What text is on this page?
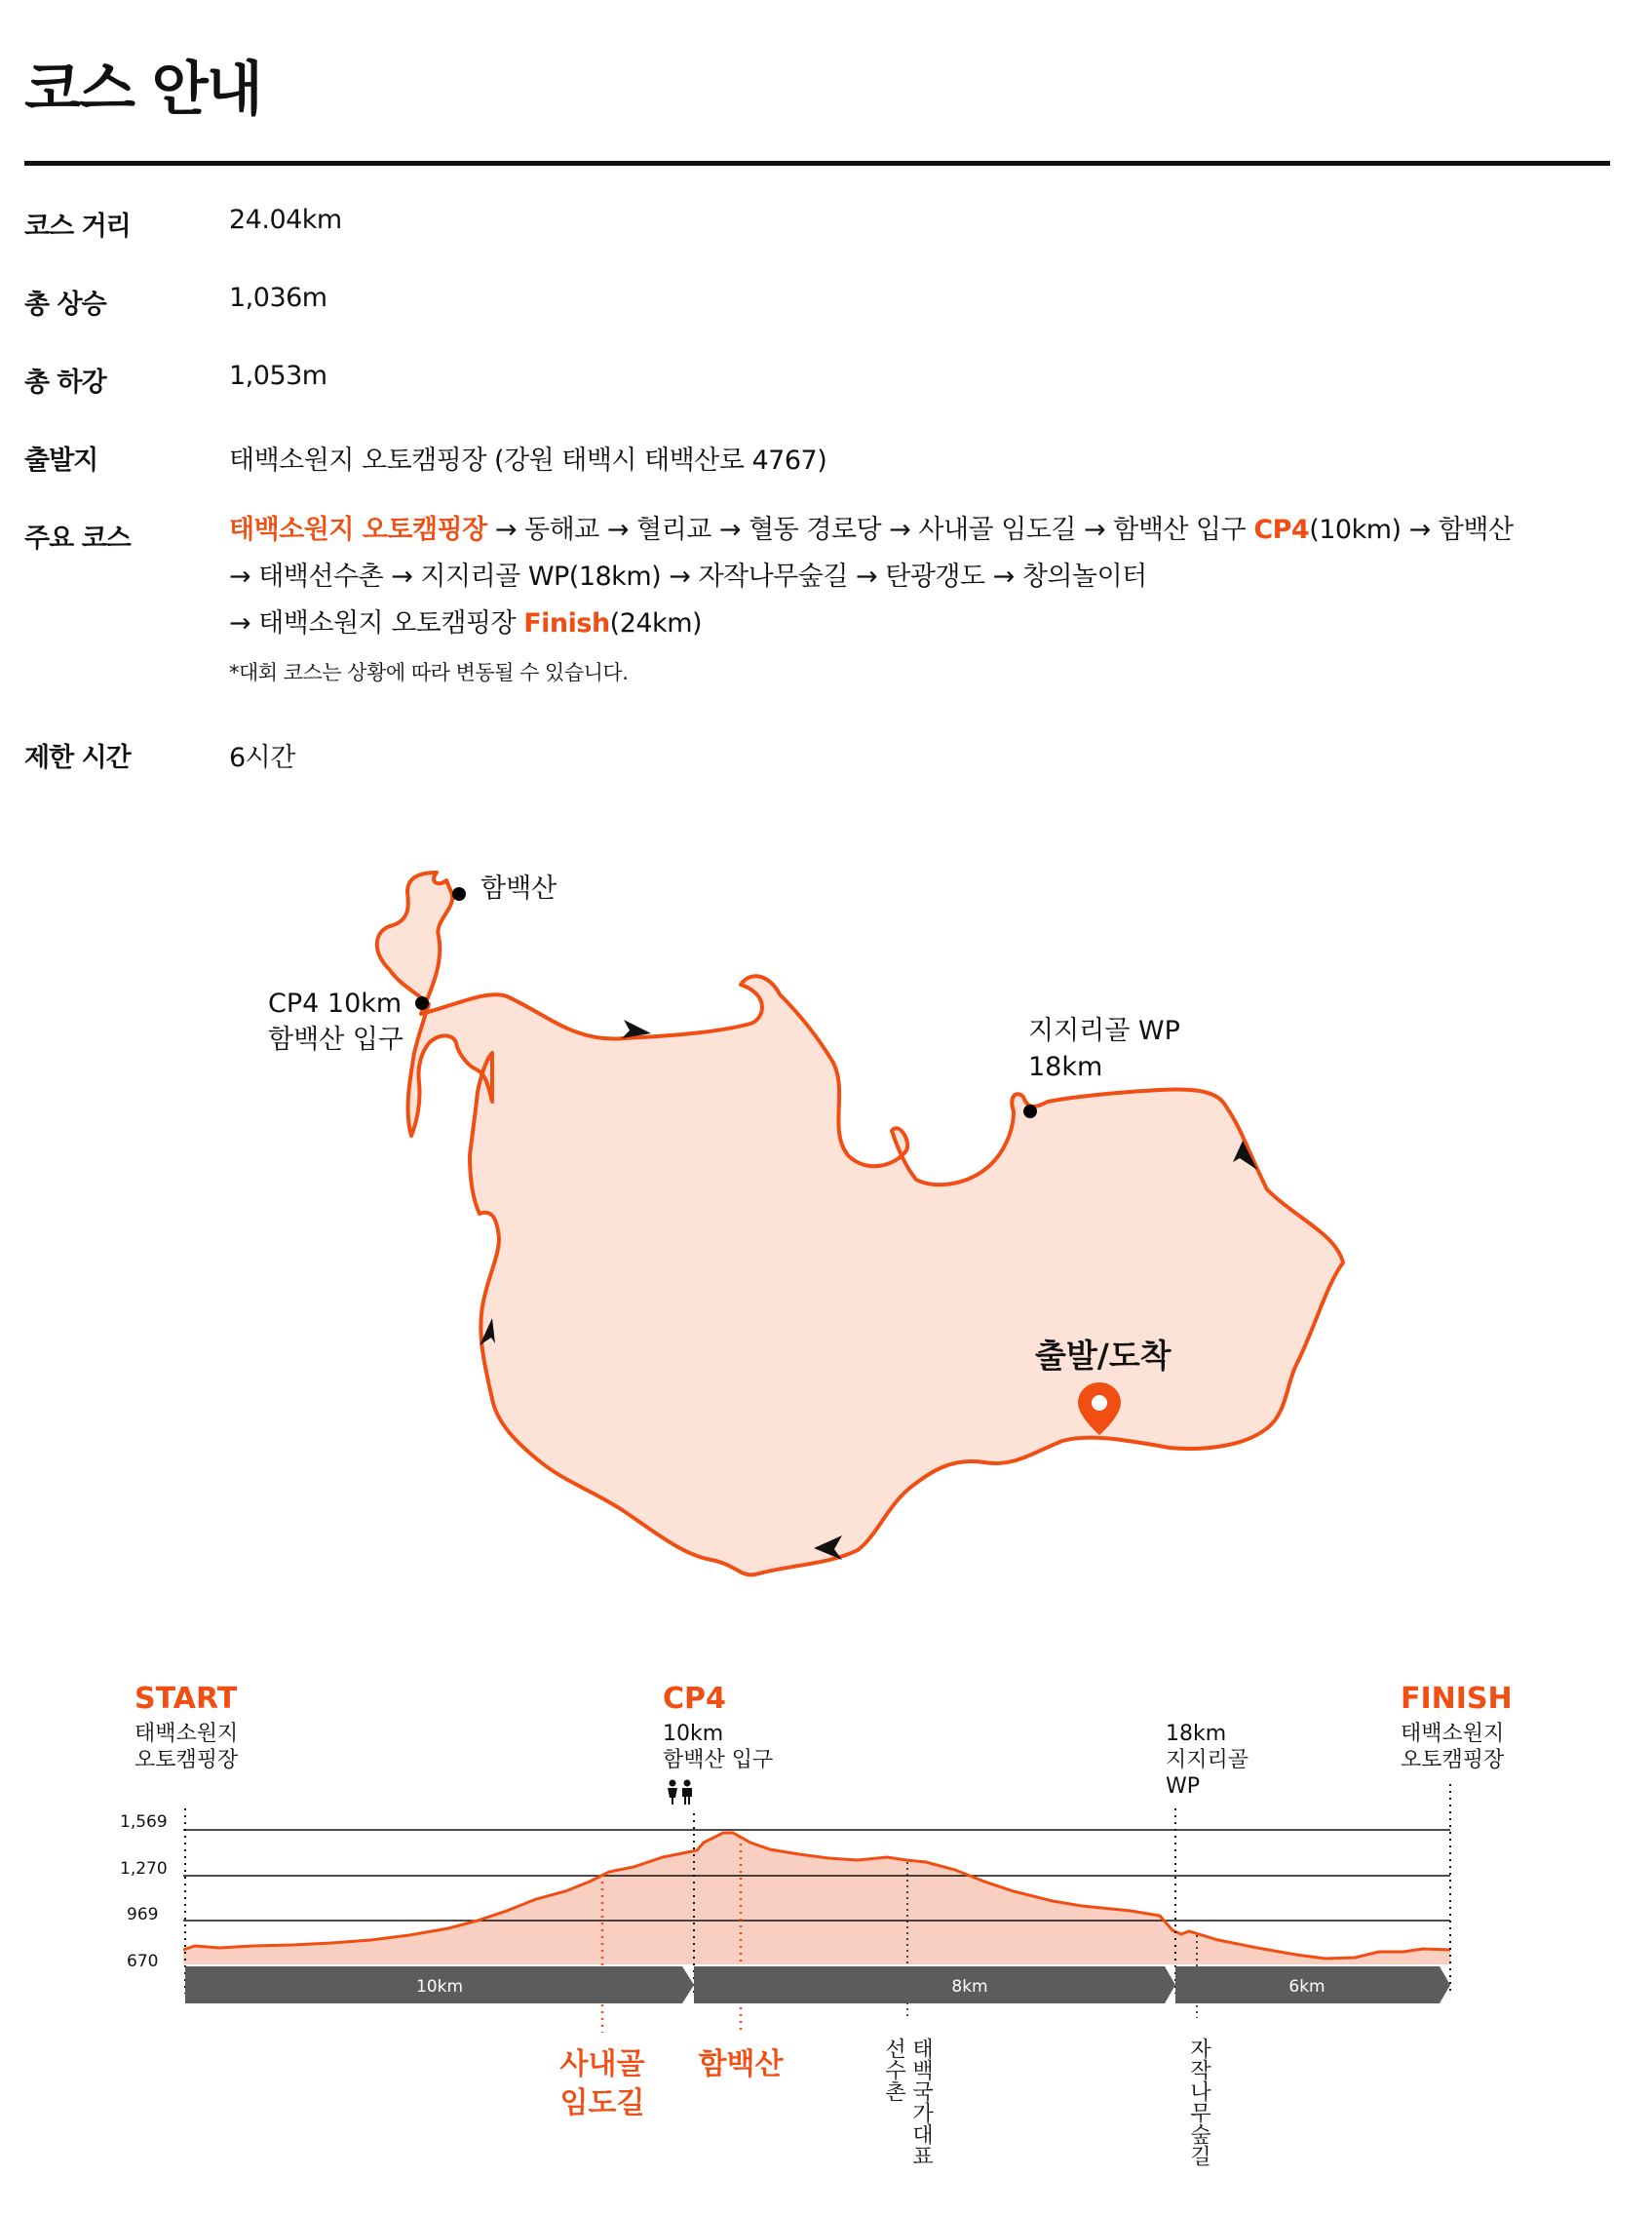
코스 안내
코스 거리	24.04km
총 상승	1,036m
총 하강	1,053m
출발지	태백소원지 오토캠핑장 (강원 태백시 태백산로 4767)
주요 코스	태백소원지 오토캠핑장 → 동해교 → 혈리교 → 혈동 경로당 → 사내골 임도길 → 함백산 입구 CP4(10km) → 함백산
→ 태백선수촌 → 지지리골 WP(18km) → 자작나무숲길 → 탄광갱도 → 창의놀이터
→ 태백소원지 오토캠핑장 Finish(24km)
*대회 코스는 상황에 따라 변동될 수 있습니다.
제한 시간	6시간
함백산
CP4 10km
함백산 입구	지지리골 WP
18km
출발/도착
START
태백소원지
오토캠핑장
CP4
10km
함백산 입구
18km
지지리골
WP
FINISH
태백소원지
오토캠핑장
1,569
1,270
969
670
10km	8km	6km
사내골
임도길
함백산	선수촌 태백국가대표	자작나무숲길
